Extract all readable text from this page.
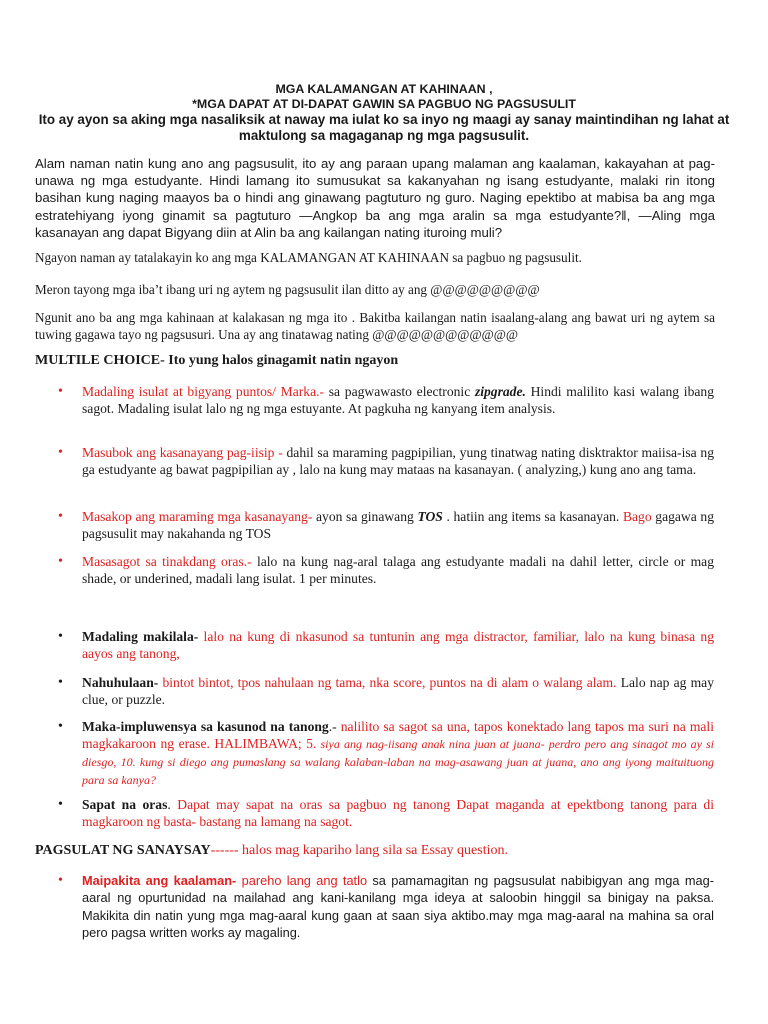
MGA KALAMANGAN AT KAHINAAN ,
*MGA DAPAT AT DI-DAPAT GAWIN SA PAGBUO NG PAGSUSULIT
Ito ay ayon sa aking mga nasaliksik at naway ma iulat ko sa inyo ng maagi ay sanay maintindihan ng lahat at maktulong sa magaganap ng mga pagsusulit.
Alam naman natin kung ano ang pagsusulit, ito ay ang paraan upang malaman ang kaalaman, kakayahan at pag-unawa ng mga estudyante. Hindi lamang ito sumusukat sa kakanyahan ng isang estudyante, malaki rin itong basihan kung naging maayos ba o hindi ang ginawang pagtuturo ng guro. Naging epektibo at mabisa ba ang mga estratehiyang iyong ginamit sa pagtuturo —Angkop ba ang mga aralin sa mga estudyante?‖, —Aling mga kasanayan ang dapat Bigyang diin at Alin ba ang kailangan nating ituroing muli?
Ngayon naman ay tatalakayin ko ang mga KALAMANGAN AT KAHINAAN sa pagbuo ng pagsusulit.
Meron tayong mga iba’t ibang uri ng aytem ng pagsusulit ilan ditto ay ang @@@@@@@@@
Ngunit ano ba ang mga kahinaan at kalakasan ng mga ito . Bakitba kailangan natin isaalang-alang ang bawat uri ng aytem sa tuwing gagawa tayo ng pagsusuri. Una ay ang tinatawag nating @@@@@@@@@@@@
MULTILE CHOICE- Ito yung halos ginagamit natin ngayon
• Madaling isulat at bigyang puntos/ Marka.- sa pagwawasto electronic zipgrade. Hindi malilito kasi walang ibang sagot. Madaling isulat lalo ng ng mga estuyante. At pagkuha ng kanyang item analysis.
• Masubok ang kasanayang pag-iisip - dahil sa maraming pagpipilian, yung tinatwag nating disktraktor maiisa-isa ng ga estudyante ag bawat pagpipilian ay , lalo na kung may mataas na kasanayan. ( analyzing,) kung ano ang tama.
• Masakop ang maraming mga kasanayang- ayon sa ginawang TOS . hatiin ang items sa kasanayan. Bago gagawa ng pagsusulit may nakahanda ng TOS
• Masasagot sa tinakdang oras.- lalo na kung nag-aral talaga ang estudyante madali na dahil letter, circle or mag shade, or underined, madali lang isulat. 1 per minutes.
• Madaling makilala- lalo na kung di nkasunod sa tuntunin ang mga distractor, familiar, lalo na kung binasa ng aayos ang tanong,
• Nahuhulaan- bintot bintot, tpos nahulaan ng tama, nka score, puntos na di alam o walang alam. Lalo nap ag may clue, or puzzle.
• Maka-impluwensya sa kasunod na tanong.- nalilito sa sagot sa una, tapos konektado lang tapos ma suri na mali magkakaroon ng erase. HALIMBAWA; 5. siya ang nag-iisang anak nina juan at juana- perdro pero ang sinagot mo ay si diesgo, 10. kung si diego ang pumaslang sa walang kalaban-laban na mag-asawang juan at juana, ano ang iyong maituituong para sa kanya?
• Sapat na oras. Dapat may sapat na oras sa pagbuo ng tanong Dapat maganda at epektbong tanong para di magkaroon ng basta- bastang na lamang na sagot.
PAGSULAT NG SANAYSAY------ halos mag kapariho lang sila sa Essay question.
• Maipakita ang kaalaman- pareho lang ang tatlo sa pamamagitan ng pagsusulat nabibigyan ang mga mag-aaral ng opurtunidad na mailahad ang kani-kanilang mga ideya at saloobin hinggil sa binigay na paksa. Makikita din natin yung mga mag-aaral kung gaan at saan siya aktibo.may mga mag-aaral na mahina sa oral pero pagsa written works ay magaling.
